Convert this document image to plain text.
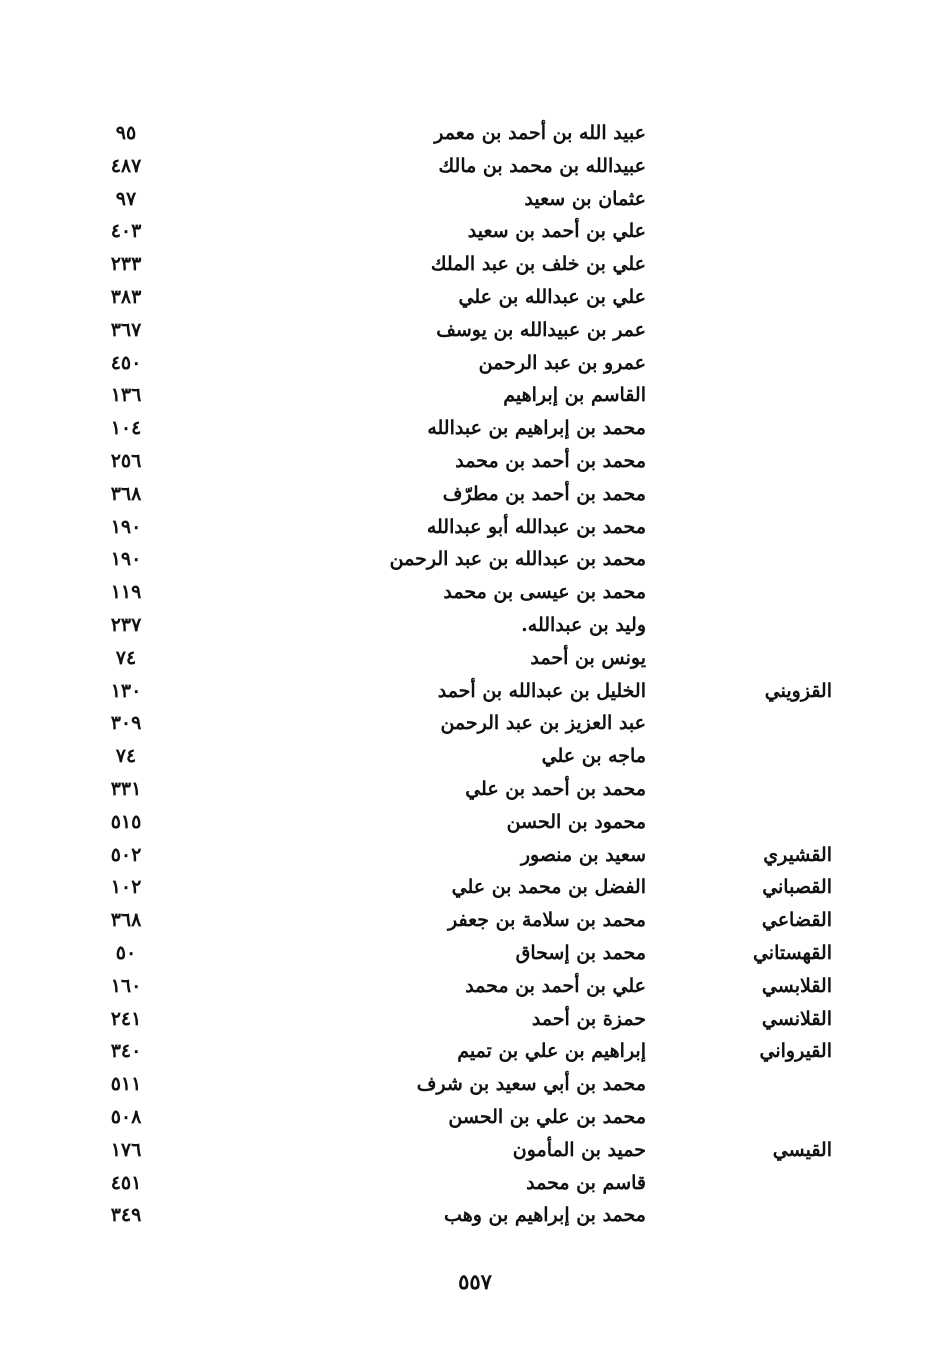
عبيد الله بن أحمد بن معمر
٩٥
عبيدالله بن محمد بن مالك
٤٨٧
عثمان بن سعيد
٩٧
علي بن أحمد بن سعيد
٤٠٣
علي بن خلف بن عبد الملك
٢٣٣
علي بن عبدالله بن علي
٣٨٣
عمر بن عبيدالله بن يوسف
٣٦٧
عمرو بن عبد الرحمن
٤٥٠
القاسم بن إبراهيم
١٣٦
محمد بن إبراهيم بن عبدالله
١٠٤
محمد بن أحمد بن محمد
٢٥٦
محمد بن أحمد بن مطرّف
٣٦٨
محمد بن عبدالله أبو عبدالله
١٩٠
محمد بن عبدالله بن عبد الرحمن
١٩٠
محمد بن عيسى بن محمد
١١٩
وليد بن عبدالله.
٢٣٧
يونس بن أحمد
٧٤
القزويني
الخليل بن عبدالله بن أحمد
١٣٠
عبد العزيز بن عبد الرحمن
٣٠٩
ماجه بن علي
٧٤
محمد بن أحمد بن علي
٣٣١
محمود بن الحسن
٥١٥
القشيري
سعيد بن منصور
٥٠٢
القصباني
الفضل بن محمد بن علي
١٠٢
القضاعي
محمد بن سلامة بن جعفر
٣٦٨
القهستاني
محمد بن إسحاق
٥٠
القلابسي
علي بن أحمد بن محمد
١٦٠
القلانسي
حمزة بن أحمد
٢٤١
القيرواني
إبراهيم بن علي بن تميم
٣٤٠
محمد بن أبي سعيد بن شرف
٥١١
محمد بن علي بن الحسن
٥٠٨
القيسي
حميد بن المأمون
١٧٦
قاسم بن محمد
٤٥١
محمد بن إبراهيم بن وهب
٣٤٩
٥٥٧
